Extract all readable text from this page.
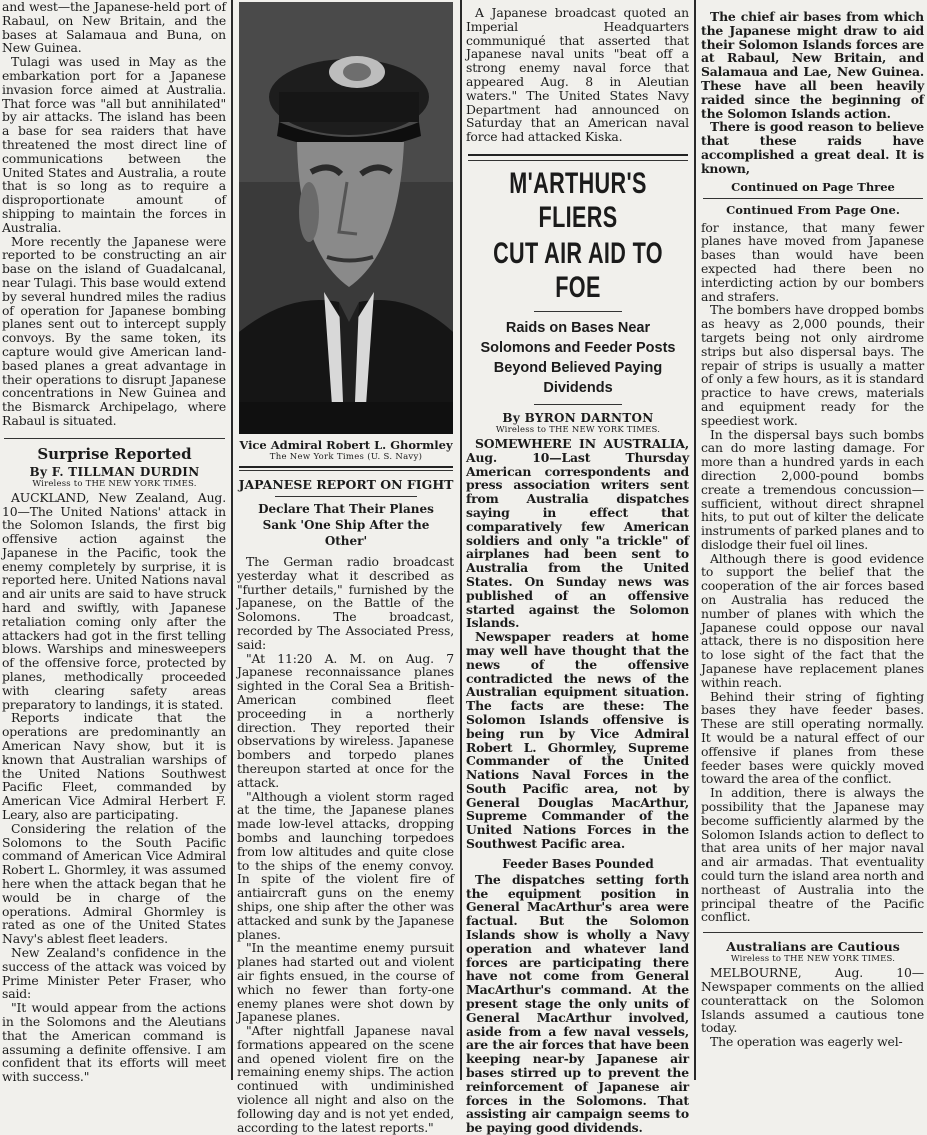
and west—the Japanese-held port of Rabaul, on New Britain, and the bases at Salamaua and Buna, on New Guinea.

Tulagi was used in May as the embarkation port for a Japanese invasion force aimed at Australia. That force was "all but annihilated" by air attacks. The island has been a base for sea raiders that have threatened the most direct line of communications between the United States and Australia, a route that is so long as to require a disproportionate amount of shipping to maintain the forces in Australia.

More recently the Japanese were reported to be constructing an air base on the island of Guadalcanal, near Tulagi. This base would extend by several hundred miles the radius of operation for Japanese bombing planes sent out to intercept supply convoys. By the same token, its capture would give American land-based planes a great advantage in their operations to disrupt Japanese concentrations in New Guinea and the Bismarck Archipelago, where Rabaul is situated.

Surprise Reported

By F. TILLMAN DURDIN

Wireless to THE NEW YORK TIMES.

AUCKLAND, New Zealand, Aug. 10—The United Nations' attack in the Solomon Islands, the first big offensive action against the Japanese in the Pacific, took the enemy completely by surprise, it is reported here. United Nations naval and air units are said to have struck hard and swiftly, with Japanese retaliation coming only after the attackers had got in the first telling blows. Warships and minesweepers of the offensive force, protected by planes, methodically proceeded with clearing safety areas preparatory to landings, it is stated.

Reports indicate that the operations are predominantly an American Navy show, but it is known that Australian warships of the United Nations Southwest Pacific Fleet, commanded by American Vice Admiral Herbert F. Leary, also are participating.

Considering the relation of the Solomons to the South Pacific command of American Vice Admiral Robert L. Ghormley, it was assumed here when the attack began that he would be in charge of the operations. Admiral Ghormley is rated as one of the United States Navy's ablest fleet leaders.

New Zealand's confidence in the success of the attack was voiced by Prime Minister Peter Fraser, who said:

"It would appear from the actions in the Solomons and the Aleutians that the American command is assuming a definite offensive. I am confident that its efforts will meet with success."

Vice Admiral Robert L. Ghormley

The New York Times (U. S. Navy)

JAPANESE REPORT ON FIGHT

Declare That Their Planes Sank 'One Ship After the Other'

The German radio broadcast yesterday what it described as "further details," furnished by the Japanese, on the Battle of the Solomons. The broadcast, recorded by The Associated Press, said:

"At 11:20 A. M. on Aug. 7 Japanese reconnaissance planes sighted in the Coral Sea a British-American combined fleet proceeding in a northerly direction. They reported their observations by wireless. Japanese bombers and torpedo planes thereupon started at once for the attack.

"Although a violent storm raged at the time, the Japanese planes made low-level attacks, dropping bombs and launching torpedoes from low altitudes and quite close to the ships of the enemy convoy. In spite of the violent fire of antiaircraft guns on the enemy ships, one ship after the other was attacked and sunk by the Japanese planes.

"In the meantime enemy pursuit planes had started out and violent air fights ensued, in the course of which no fewer than forty-one enemy planes were shot down by Japanese planes.

"After nightfall Japanese naval formations appeared on the scene and opened violent fire on the remaining enemy ships. The action continued with undiminished violence all night and also on the following day and is not yet ended, according to the latest reports."

A Japanese broadcast quoted an Imperial Headquarters communiqué that asserted that Japanese naval units "beat off a strong enemy naval force that appeared Aug. 8 in Aleutian waters." The United States Navy Department had announced on Saturday that an American naval force had attacked Kiska.

M'ARTHUR'S FLIERS

CUT AIR AID TO FOE

Raids on Bases Near Solomons and Feeder Posts Beyond Believed Paying Dividends

By BYRON DARNTON

Wireless to THE NEW YORK TIMES.

SOMEWHERE IN AUSTRALIA, Aug. 10—Last Thursday American correspondents and press association writers sent from Australia dispatches saying in effect that comparatively few American soldiers and only "a trickle" of airplanes had been sent to Australia from the United States. On Sunday news was published of an offensive started against the Solomon Islands.

Newspaper readers at home may well have thought that the news of the offensive contradicted the news of the Australian equipment situation. The facts are these: The Solomon Islands offensive is being run by Vice Admiral Robert L. Ghormley, Supreme Commander of the United Nations Naval Forces in the South Pacific area, not by General Douglas MacArthur, Supreme Commander of the United Nations Forces in the Southwest Pacific area.

Feeder Bases Pounded

The dispatches setting forth the equipment position in General MacArthur's area were factual. But the Solomon Islands show is wholly a Navy operation and whatever land forces are participating there have not come from General MacArthur's command. At the present stage the only units of General MacArthur involved, aside from a few naval vessels, are the air forces that have been keeping near-by Japanese air bases stirred up to prevent the reinforcement of Japanese air forces in the Solomons. That assisting air campaign seems to be paying good dividends.

The chief air bases from which the Japanese might draw to aid their Solomon Islands forces are at Rabaul, New Britain, and Salamaua and Lae, New Guinea. These have all been heavily raided since the beginning of the Solomon Islands action.

There is good reason to believe that these raids have accomplished a great deal. It is known,

Continued on Page Three

Continued From Page One.

for instance, that many fewer planes have moved from Japanese bases than would have been expected had there been no interdicting action by our bombers and strafers.

The bombers have dropped bombs as heavy as 2,000 pounds, their targets being not only airdrome strips but also dispersal bays. The repair of strips is usually a matter of only a few hours, as it is standard practice to have crews, materials and equipment ready for the speediest work.

In the dispersal bays such bombs can do more lasting damage. For more than a hundred yards in each direction 2,000-pound bombs create a tremendous concussion—sufficient, without direct shrapnel hits, to put out of kilter the delicate instruments of parked planes and to dislodge their fuel oil lines.

Although there is good evidence to support the belief that the cooperation of the air forces based on Australia has reduced the number of planes with which the Japanese could oppose our naval attack, there is no disposition here to lose sight of the fact that the Japanese have replacement planes within reach.

Behind their string of fighting bases they have feeder bases. These are still operating normally. It would be a natural effect of our offensive if planes from these feeder bases were quickly moved toward the area of the conflict.

In addition, there is always the possibility that the Japanese may become sufficiently alarmed by the Solomon Islands action to deflect to that area units of her major naval and air armadas. That eventuality could turn the island area north and northeast of Australia into the principal theatre of the Pacific conflict.

Australians are Cautious

Wireless to THE NEW YORK TIMES.

MELBOURNE, Aug. 10—Newspaper comments on the allied counterattack on the Solomon Islands assumed a cautious tone today.

The operation was eagerly wel-
